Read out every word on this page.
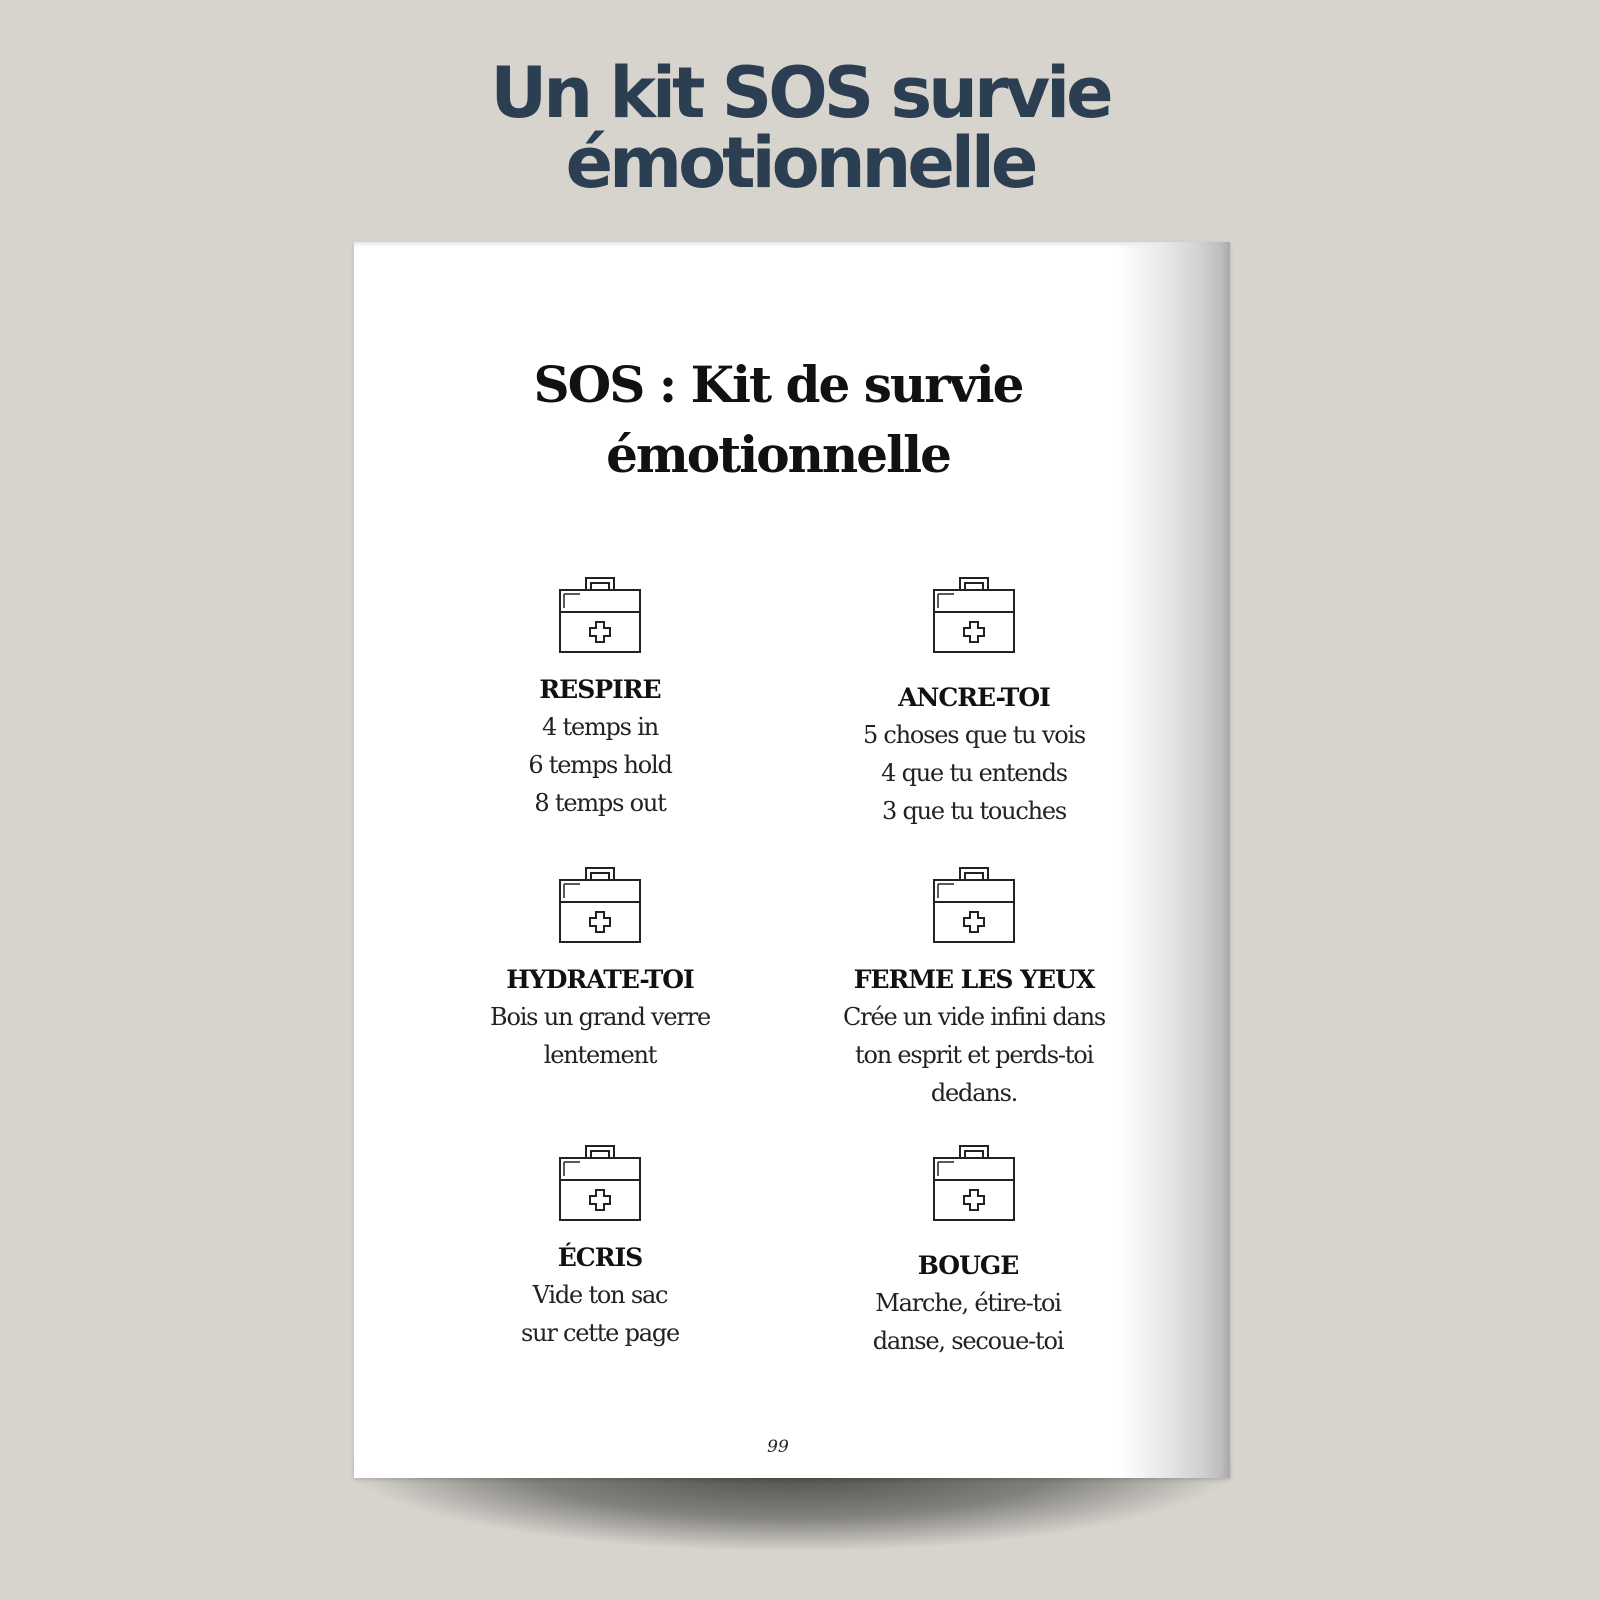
Un kit SOS survie
émotionnelle
SOS : Kit de survie
émotionnelle
RESPIRE
4 temps in
6 temps hold
8 temps out
ANCRE-TOI
5 choses que tu vois
4 que tu entends
3 que tu touches
HYDRATE-TOI
Bois un grand verre
lentement
FERME LES YEUX
Crée un vide infini dans
ton esprit et perds-toi
dedans.
ÉCRIS
Vide ton sac
sur cette page
BOUGE
Marche, étire-toi
danse, secoue-toi
99
